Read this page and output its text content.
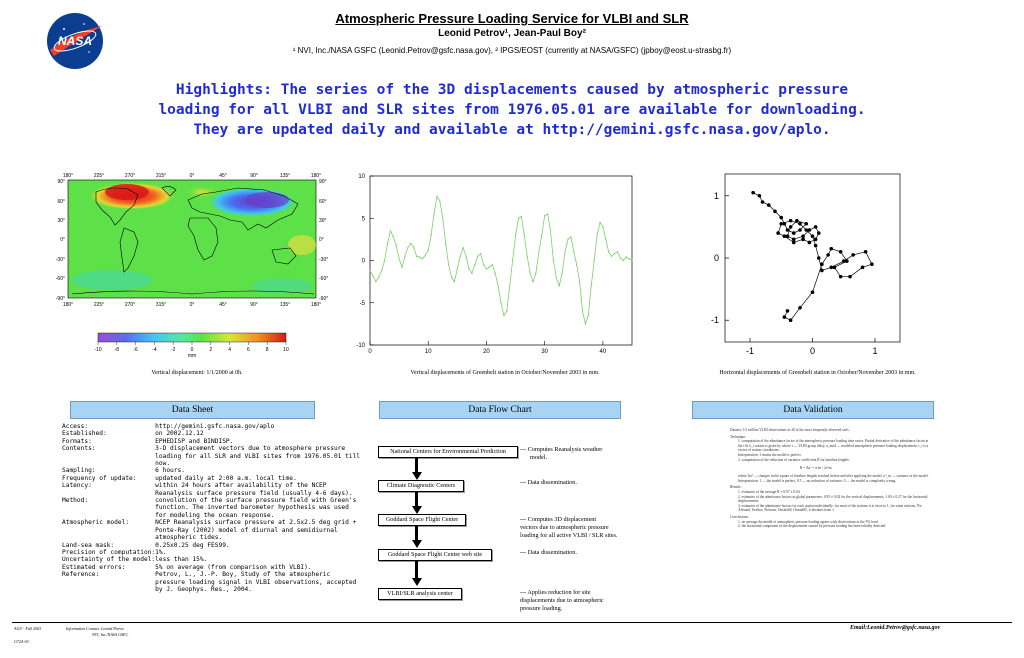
NASA
Atmospheric Pressure Loading Service for VLBI and SLR
Leonid Petrov¹, Jean-Paul Boy²
¹ NVI, Inc./NASA GSFC (Leonid.Petrov@gsfc.nasa.gov), ² IPGS/EOST (currently at NASA/GSFC) (jpboy@eost.u-strasbg.fr)
Highlights: The series of the 3D displacements caused by atmospheric pressure
loading for all VLBI and SLR sites from 1976.05.01 are available for downloading.
They are updated daily and available at http://gemini.gsfc.nasa.gov/aplo.
180°	225°	270°	315°	0°	45°	90°	135°	180°
180°	225°	270°	315°	0°	45°	90°	135°	180°
90°
60°
30°
0°
-30°
-60°
-90°
90°
60°
30°
0°
-30°
-60°
-90°
-10	-8	-6	-4	-2	0	2	4	6	8	10
mm
Vertical displacement: 1/1/2000 at 0h.
10
5
0
-5
-10
0	10	20	30	40
Vertical displacements of Greenbelt station in October/November 2003 in mm.
1
0
-1
-1	0	1
Horizontal displacements of Greenbelt station in October/November 2003 in mm.
Data Sheet	Data Flow Chart	Data Validation
Access:	http://gemini.gsfc.nasa.gov/aplo
Established:	on 2002.12.12
Formats:	EPHEDISP and BINDISP.
Contents:	3-D displacement vectors due to atmosphere pressure loading for all SLR and VLBI sites from 1976.05.01 till now.
Sampling:	6 hours.
Frequency of update:	updated daily at 2:00 a.m. local time.
Latency:	within 24 hours after availability of the NCEP Reanalysis surface pressure field (usually 4-6 days).
Method:	convolution of the surface pressure field with Green's function. The inverted barometer hypothesis was used for modeling the ocean response.
Atmospheric model:	NCEP Reanalysis surface pressure at 2.5x2.5 deg grid + Ponte-Ray (2002) model of diurnal and semidiurnal atmospheric tides.
Land-sea mask:	0.25x0.25 deg FES99.
Precision of computation:	1%.
Uncertainty of the model:	less than 15%.
Estimated errors:	5% on average (from comparison with VLBI).
Reference:	Petrov, L., J.-P. Boy, Study of the atmospheric pressure loading signal in VLBI observations, accepted by J. Geophys. Res., 2004.
National Centers for Environmental Prediction	--- Computes Reanalysis weather
model.
Climate Diagnostic Centers	--- Data dissemination.
Goddard Space Flight Center	--- Computes 3D displacement
vectors due to atmospheric pressure
loading for all active VLBI / SLR sites.
Goddard Space Flight Center web site	--- Data dissemination.
VLBI/SLR analysis center	--- Applies reduction for site
displacements due to atmospheric
pressure loading.
Dataset: 3.5 million VLBI observations at 40 of the most frequently observed sites.
Technique:
1. computation of the admittance factor of the atmospheric pressure loading time series. Partial derivative of the admittance factor at the i-th d_i station is given by where τ — VLBI group delay, a_mod — modeled atmospheric pressure loading displacement, r_i is a vector of station coordinates.
Interpretation: 1 means the model is perfect.
2. computation of the reduction of variance coefficient R for baseline lengths:
R = Δσ² + σ²m / 2σ²m
where Δσ² — changes in the square of baseline lengths residual before and after applying the model, σ²_m — variance of the model.
Interpretation: 1 — the model is perfect, 0.5 — no reduction of variance, 0 — the model is completely wrong.
Results:
1. estimates of the average R = 0.97 ± 0.04
2. estimates of the admittance factors as global parameters: 0.95 ± 0.02 for the vertical displacements, 1.00 ± 0.27 for the horizontal displacements.
3. estimates of the admittance factors for each station individually: for most of the stations it is close to 1, for some stations, Ny-Ålesund, Svetloe, Pietown, Onsala60, Onsala85, it deviates from 1.
Conclusions:
1. on average the model of atmospheric pressure loading agrees with observations at the 5% level.
2. the horizontal component of the displacement caused by pressure loading has been reliably detected.
AGU - Fall 2003	Information Contact: Leonid Petrov
NVI, Inc./NASA GSFC
G72A-03
Email:Leonid.Petrov@gsfc.nasa.gov
